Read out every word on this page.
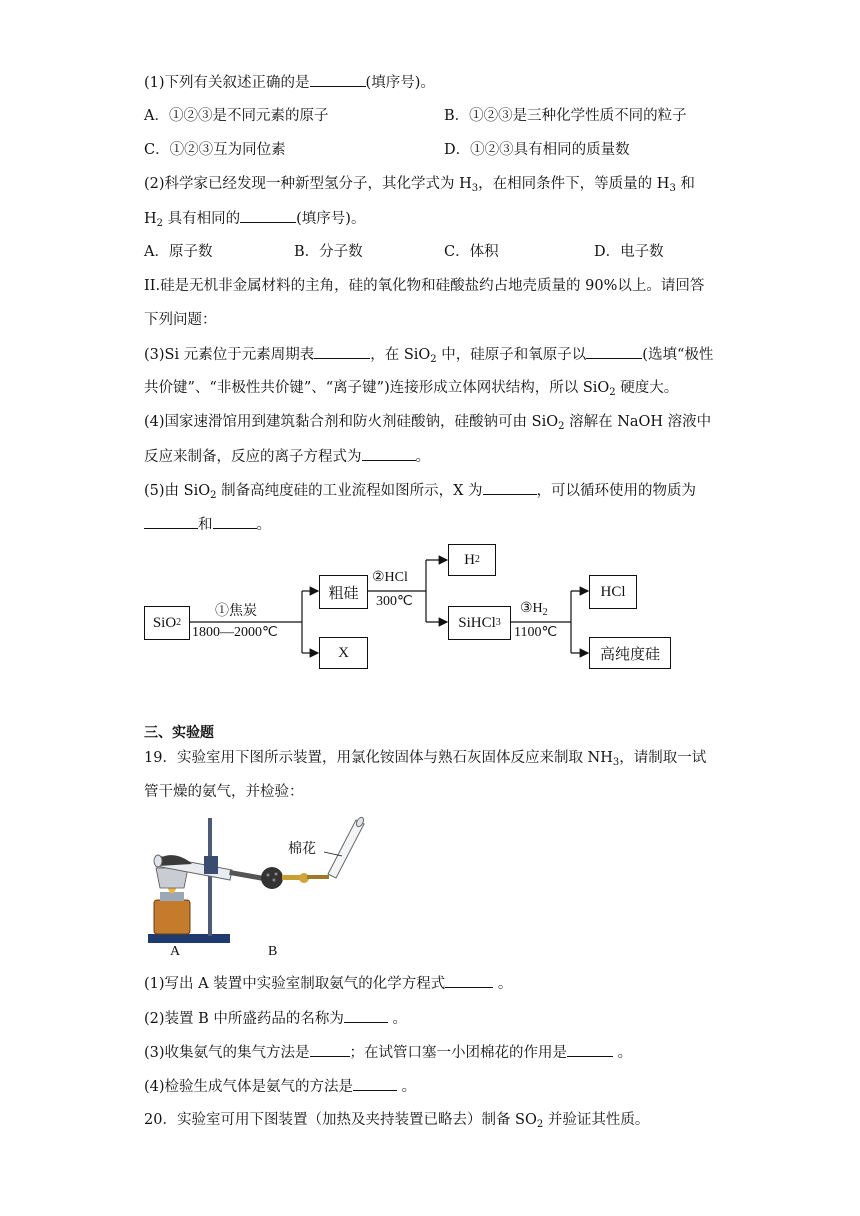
(1)下列有关叙述正确的是	(填序号)。
A．①②③是不同元素的原子	B．①②③是三种化学性质不同的粒子
C．①②③互为同位素	D．①②③具有相同的质量数
(2)科学家已经发现一种新型氢分子，其化学式为 $H_3$，在相同条件下，等质量的 $H_3$ 和
$H_2$ 具有相同的	(填序号)。
A．原子数	B．分子数	C．体积	D．电子数
II.硅是无机非金属材料的主角，硅的氧化物和硅酸盐约占地壳质量的 90%以上。请回答
下列问题：
(3)Si 元素位于元素周期表	，在 SiO$_2$ 中，硅原子和氧原子以	(选填“极性
共价键”、“非极性共价键”、“离子键”)连接形成立体网状结构，所以 SiO$_2$ 硬度大。
(4)国家速滑馆用到建筑黏合剂和防火剂硅酸钠，硅酸钠可由 SiO$_2$ 溶解在 NaOH 溶液中
反应来制备，反应的离子方程式为	。
(5)由 SiO$_2$ 制备高纯度硅的工业流程如图所示，X 为	，可以循环使用的物质为
和	。
SiO 2
①焦炭
1800—2000℃
粗硅
X
②HCl
300℃
H 2
SiHCl 3
$③H_2$
1100℃
HCl
高纯度硅
三、实验题
19．实验室用下图所示装置，用氯化铵固体与熟石灰固体反应来制取 $NH_3$，请制取一试
管干燥的氨气，并检验：
棉花
A	B
(1)写出 A 装置中实验室制取氨气的化学方程式	。
(2)装置 B 中所盛药品的名称为	。
(3)收集氨气的集气方法是	；在试管口塞一小团棉花的作用是	。
(4)检验生成气体是氨气的方法是	。
20．实验室可用下图装置（加热及夹持装置已略去）制备 $SO_2$ 并验证其性质。
